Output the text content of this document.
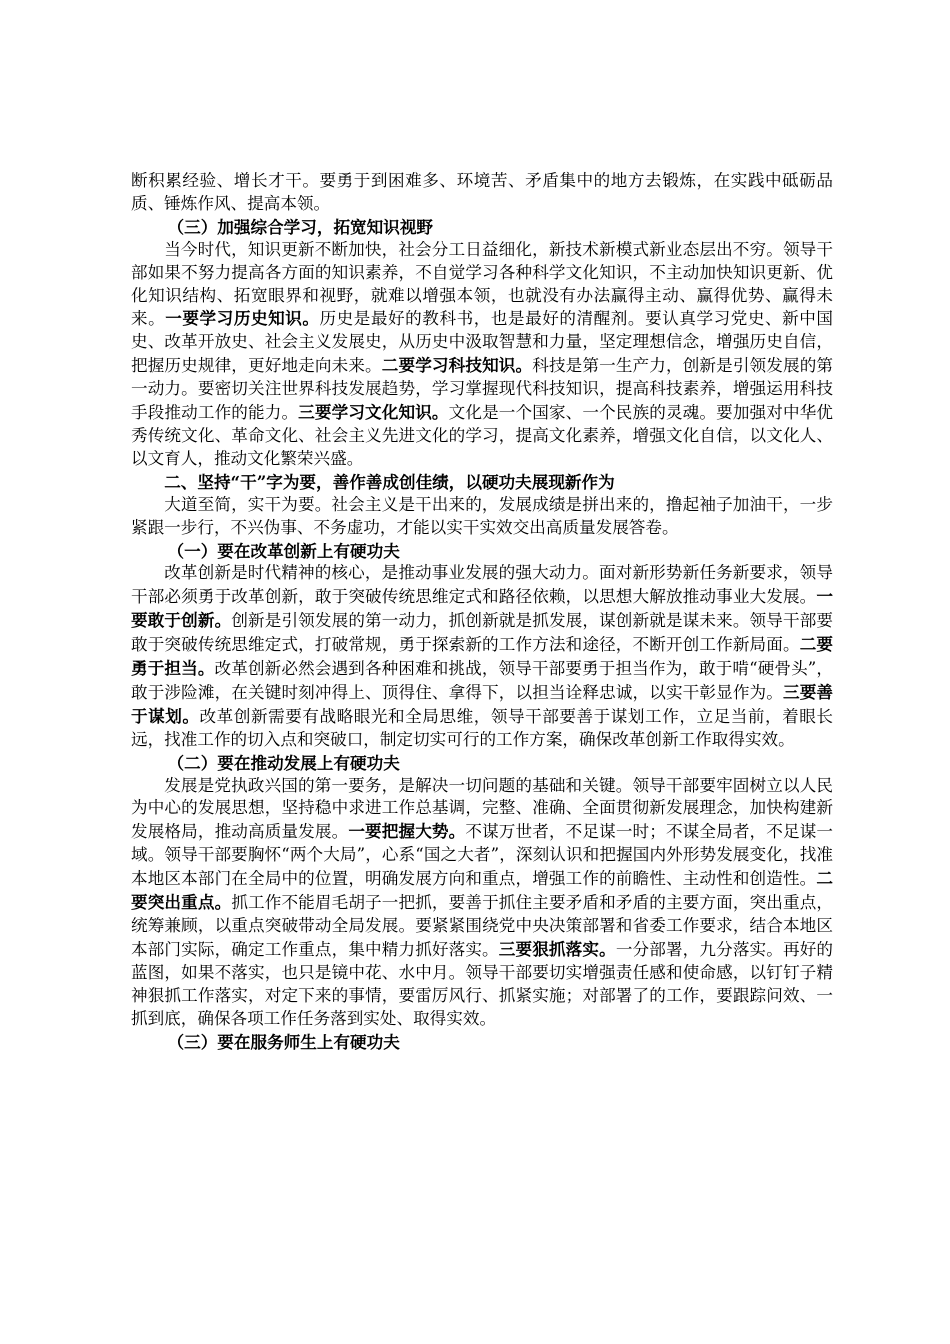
断积累经验、增长才干。要勇于到困难多、环境苦、矛盾集中的地方去锻炼，在实践中砥砺品质、锤炼作风、提高本领。

（三）加强综合学习，拓宽知识视野

当今时代，知识更新不断加快，社会分工日益细化，新技术新模式新业态层出不穷。领导干部如果不努力提高各方面的知识素养，不自觉学习各种科学文化知识，不主动加快知识更新、优化知识结构、拓宽眼界和视野，就难以增强本领，也就没有办法赢得主动、赢得优势、赢得未来。一要学习历史知识。历史是最好的教科书，也是最好的清醒剂。要认真学习党史、新中国史、改革开放史、社会主义发展史，从历史中汲取智慧和力量，坚定理想信念，增强历史自信，把握历史规律，更好地走向未来。二要学习科技知识。科技是第一生产力，创新是引领发展的第一动力。要密切关注世界科技发展趋势，学习掌握现代科技知识，提高科技素养，增强运用科技手段推动工作的能力。三要学习文化知识。文化是一个国家、一个民族的灵魂。要加强对中华优秀传统文化、革命文化、社会主义先进文化的学习，提高文化素养，增强文化自信，以文化人、以文育人，推动文化繁荣兴盛。

二、坚持“干”字为要，善作善成创佳绩，以硬功夫展现新作为

大道至简，实干为要。社会主义是干出来的，发展成绩是拼出来的，撸起袖子加油干，一步紧跟一步行，不兴伪事、不务虚功，才能以实干实效交出高质量发展答卷。

（一）要在改革创新上有硬功夫

改革创新是时代精神的核心，是推动事业发展的强大动力。面对新形势新任务新要求，领导干部必须勇于改革创新，敢于突破传统思维定式和路径依赖，以思想大解放推动事业大发展。一要敢于创新。创新是引领发展的第一动力，抓创新就是抓发展，谋创新就是谋未来。领导干部要敢于突破传统思维定式，打破常规，勇于探索新的工作方法和途径，不断开创工作新局面。二要勇于担当。改革创新必然会遇到各种困难和挑战，领导干部要勇于担当作为，敢于啃“硬骨头”，敢于涉险滩，在关键时刻冲得上、顶得住、拿得下，以担当诠释忠诚，以实干彰显作为。三要善于谋划。改革创新需要有战略眼光和全局思维，领导干部要善于谋划工作，立足当前，着眼长远，找准工作的切入点和突破口，制定切实可行的工作方案，确保改革创新工作取得实效。

（二）要在推动发展上有硬功夫

发展是党执政兴国的第一要务，是解决一切问题的基础和关键。领导干部要牢固树立以人民为中心的发展思想，坚持稳中求进工作总基调，完整、准确、全面贯彻新发展理念，加快构建新发展格局，推动高质量发展。一要把握大势。不谋万世者，不足谋一时；不谋全局者，不足谋一域。领导干部要胸怀“两个大局”，心系“国之大者”，深刻认识和把握国内外形势发展变化，找准本地区本部门在全局中的位置，明确发展方向和重点，增强工作的前瞻性、主动性和创造性。二要突出重点。抓工作不能眉毛胡子一把抓，要善于抓住主要矛盾和矛盾的主要方面，突出重点，统筹兼顾，以重点突破带动全局发展。要紧紧围绕党中央决策部署和省委工作要求，结合本地区本部门实际，确定工作重点，集中精力抓好落实。三要狠抓落实。一分部署，九分落实。再好的蓝图，如果不落实，也只是镜中花、水中月。领导干部要切实增强责任感和使命感，以钉钉子精神狠抓工作落实，对定下来的事情，要雷厉风行、抓紧实施；对部署了的工作，要跟踪问效、一抓到底，确保各项工作任务落到实处、取得实效。

（三）要在服务师生上有硬功夫
